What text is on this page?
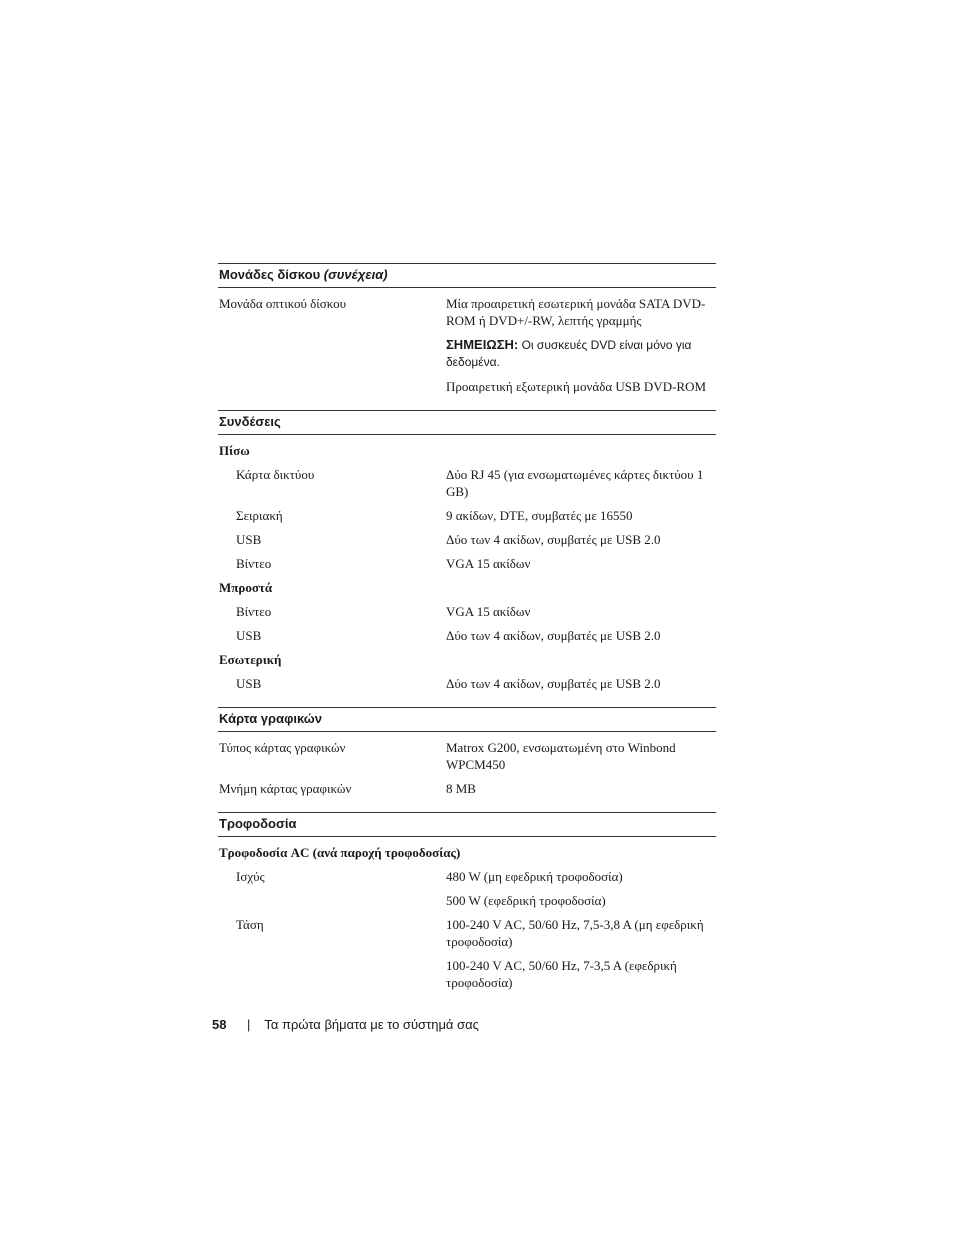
Μονάδες δίσκου (συνέχεια)
Μονάδα οπτικού δίσκου	Μία προαιρετική εσωτερική μονάδα SATA DVD-ROM ή DVD+/-RW, λεπτής γραμμής

ΣΗΜΕΙΩΣΗ: Οι συσκευές DVD είναι μόνο για δεδομένα.

Προαιρετική εξωτερική μονάδα USB DVD-ROM

Συνδέσεις
Πίσω
Κάρτα δικτύου	Δύο RJ 45 (για ενσωματωμένες κάρτες δικτύου 1 GB)
Σειριακή	9 ακίδων, DTE, συμβατές με 16550
USB	Δύο των 4 ακίδων, συμβατές με USB 2.0
Βίντεο	VGA 15 ακίδων
Μπροστά
Βίντεο	VGA 15 ακίδων
USB	Δύο των 4 ακίδων, συμβατές με USB 2.0
Εσωτερική
USB	Δύο των 4 ακίδων, συμβατές με USB 2.0
Κάρτα γραφικών
Τύπος κάρτας γραφικών	Matrox G200, ενσωματωμένη στο Winbond WPCM450
Μνήμη κάρτας γραφικών	8 MB
Τροφοδοσία
Τροφοδοσία AC (ανά παροχή τροφοδοσίας)
Ισχύς	480 W (μη εφεδρική τροφοδοσία)

500 W (εφεδρική τροφοδοσία)

Τάση	100-240 V AC, 50/60 Hz, 7,5-3,8 A (μη εφεδρική τροφοδοσία)

100-240 V AC, 50/60 Hz, 7-3,5 A (εφεδρική τροφοδοσία)

58	| Τα πρώτα βήματα με το σύστημά σας
